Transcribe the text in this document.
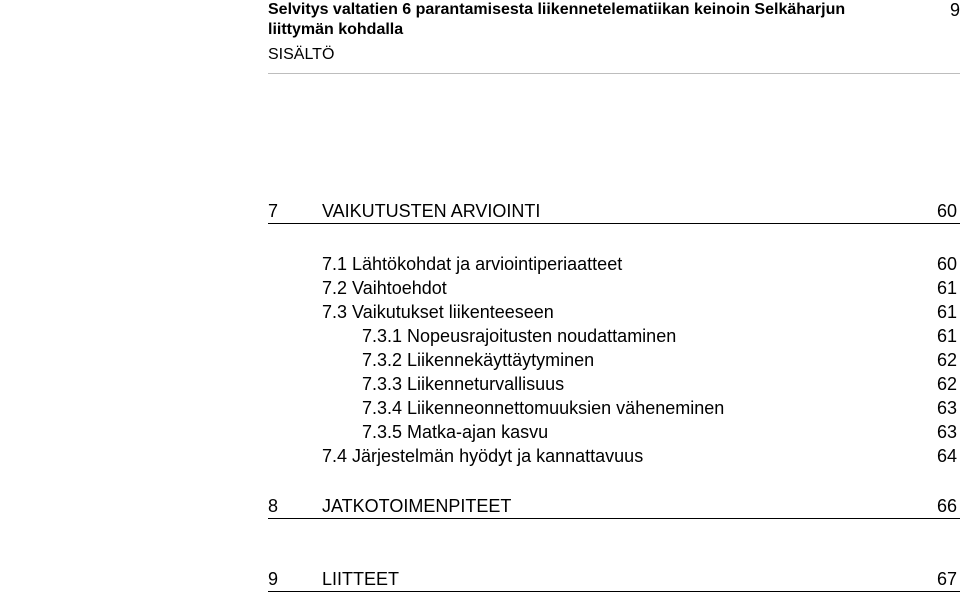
Selvitys valtatien 6 parantamisesta liikennetelematiikan keinoin Selkäharjun liittymän kohdalla
9
SISÄLTÖ
7 VAIKUTUSTEN ARVIOINTI	60
7.1 Lähtökohdat ja arviointiperiaatteet	60
7.2 Vaihtoehdot	61
7.3 Vaikutukset liikenteeseen	61
7.3.1 Nopeusrajoitusten noudattaminen	61
7.3.2 Liikennekäyttäytyminen	62
7.3.3 Liikenneturvallisuus	62
7.3.4 Liikenneonnettomuuksien väheneminen	63
7.3.5 Matka-ajan kasvu	63
7.4 Järjestelmän hyödyt ja kannattavuus	64
8 JATKOTOIMENPITEET	66
9 LIITTEET	67
